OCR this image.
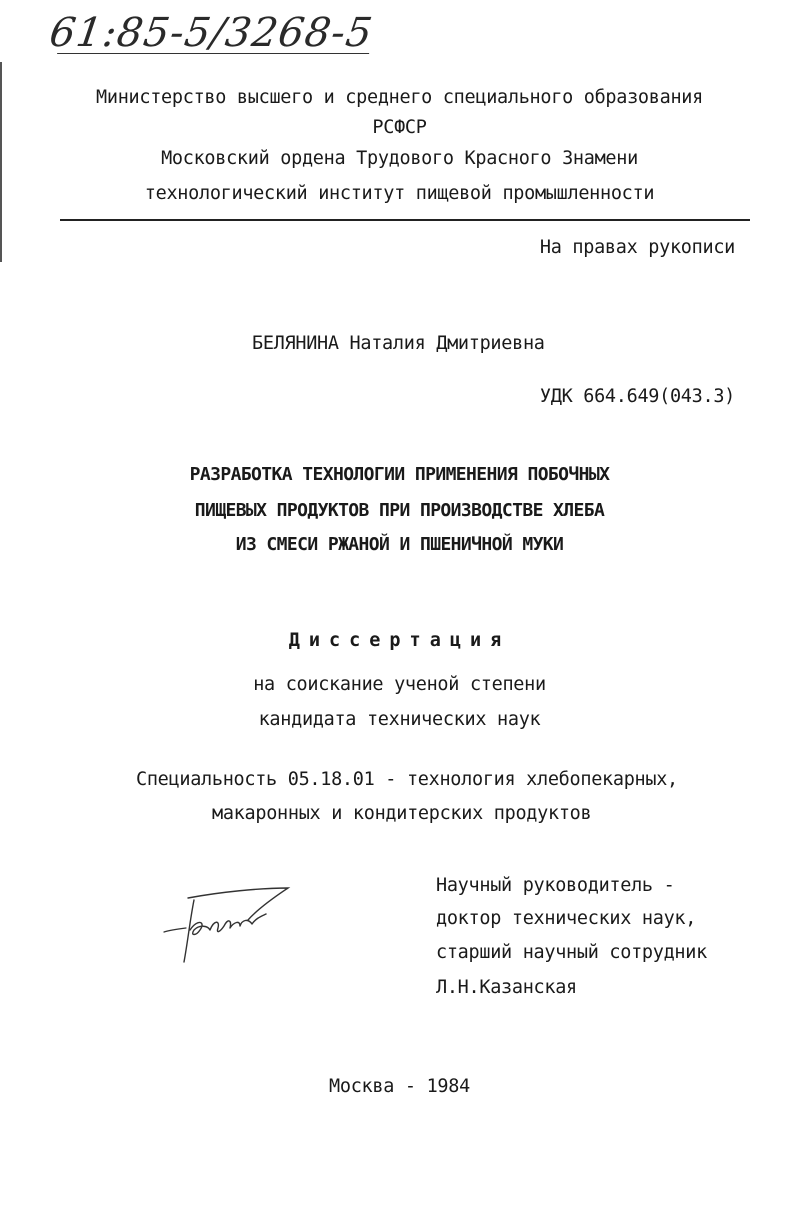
61:85-5/3268-5
Министерство высшего и среднего специального образования
РСФСР
Московский ордена Трудового Красного Знамени
технологический институт пищевой промышленности
На правах рукописи
БЕЛЯНИНА Наталия Дмитриевна
УДК 664.649(043.3)
РАЗРАБОТКА ТЕХНОЛОГИИ ПРИМЕНЕНИЯ ПОБОЧНЫХ
ПИЩЕВЫХ ПРОДУКТОВ ПРИ ПРОИЗВОДСТВЕ ХЛЕБА
ИЗ СМЕСИ РЖАНОЙ И ПШЕНИЧНОЙ МУКИ
Диссертация
на соискание ученой степени
кандидата технических наук
Специальность 05.18.01 - технология хлебопекарных,
макаронных и кондитерских продуктов
Научный руководитель -
доктор технических наук,
старший научный сотрудник
Л.Н.Казанская
Москва - 1984
